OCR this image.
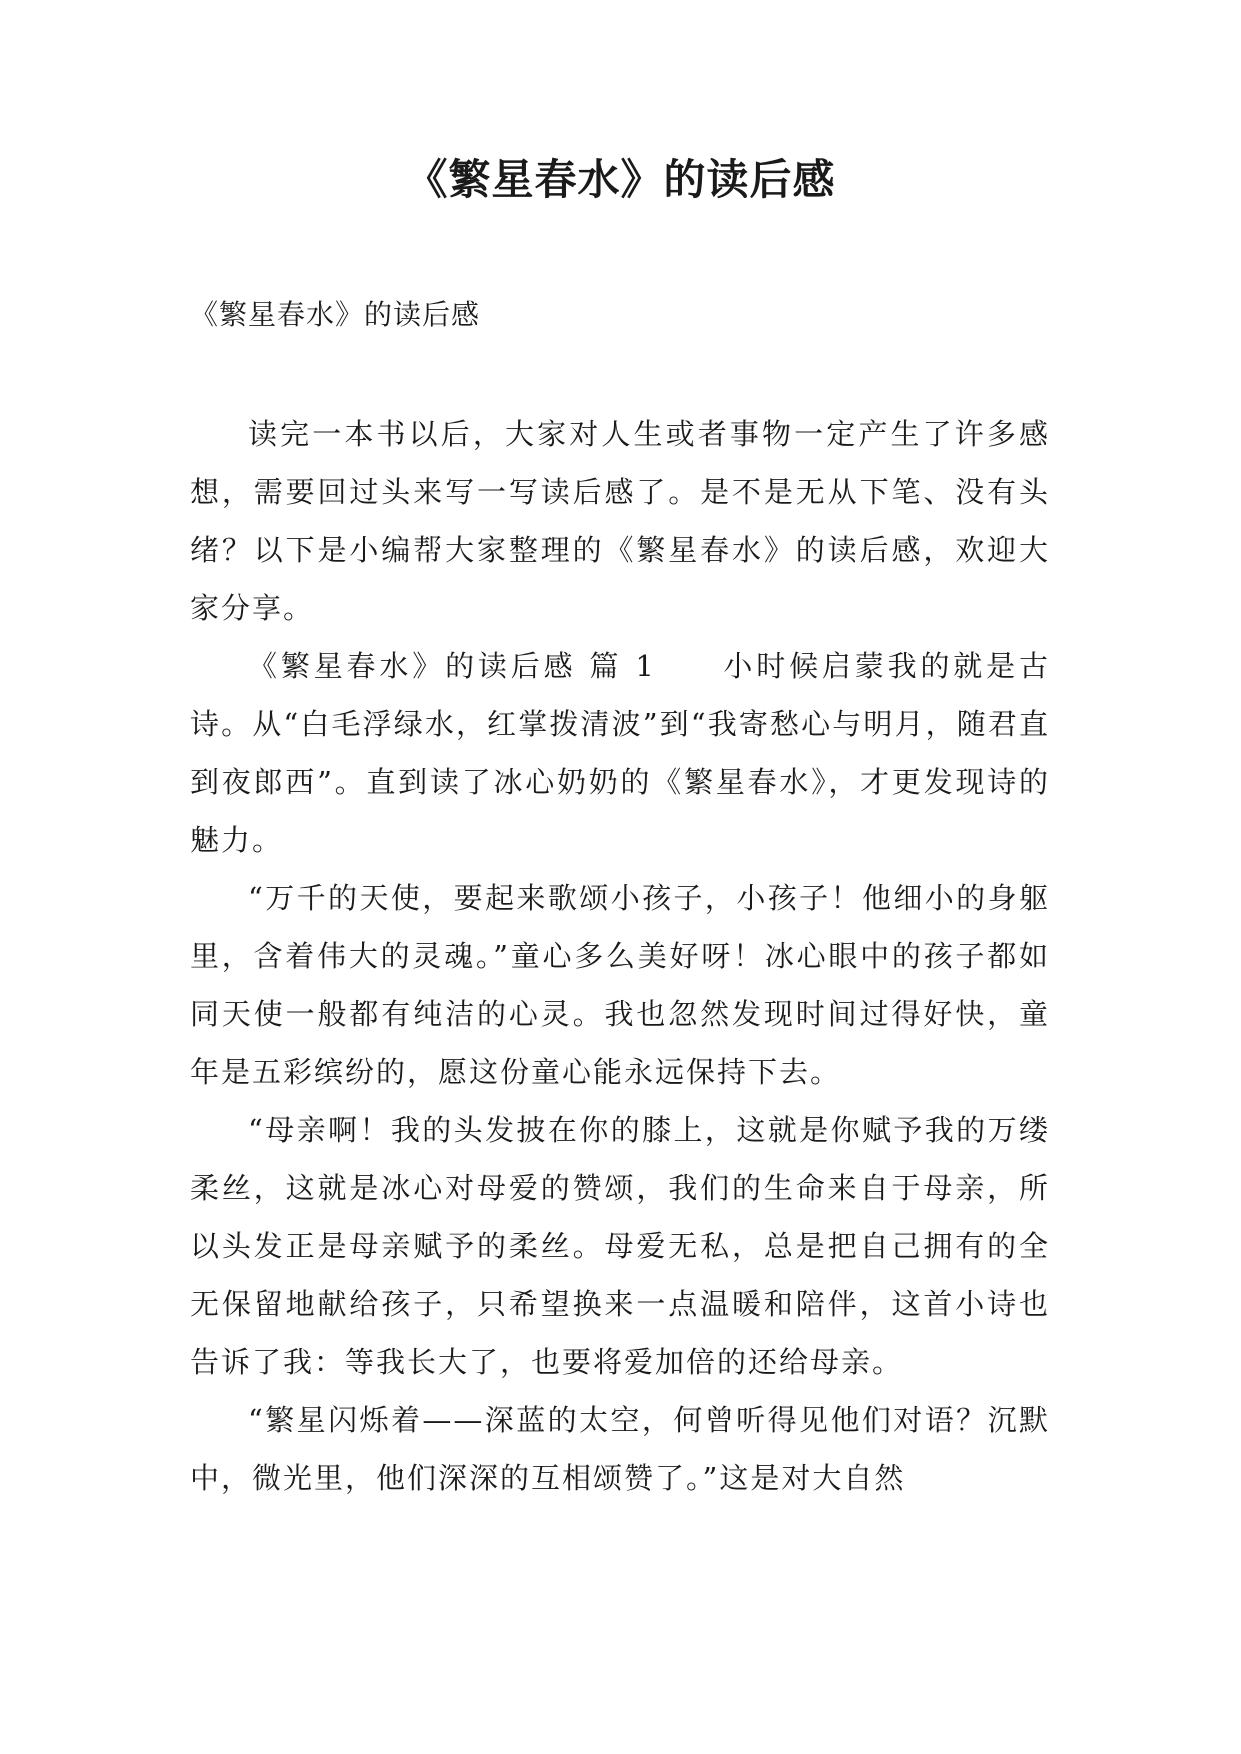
《繁星春水》的读后感

《繁星春水》的读后感

读完一本书以后，大家对人生或者事物一定产生了许多感想，需要回过头来写一写读后感了。是不是无从下笔、没有头绪？以下是小编帮大家整理的《繁星春水》的读后感，欢迎大家分享。

《繁星春水》的读后感 篇 1　　小时候启蒙我的就是古诗。从“白毛浮绿水，红掌拨清波”到“我寄愁心与明月，随君直到夜郎西”。直到读了冰心奶奶的《繁星春水》，才更发现诗的魅力。

“万千的天使，要起来歌颂小孩子，小孩子！他细小的身躯里，含着伟大的灵魂。”童心多么美好呀！冰心眼中的孩子都如同天使一般都有纯洁的心灵。我也忽然发现时间过得好快，童年是五彩缤纷的，愿这份童心能永远保持下去。

“母亲啊！我的头发披在你的膝上，这就是你赋予我的万缕柔丝，这就是冰心对母爱的赞颂，我们的生命来自于母亲，所以头发正是母亲赋予的柔丝。母爱无私，总是把自己拥有的全无保留地献给孩子，只希望换来一点温暖和陪伴，这首小诗也告诉了我：等我长大了，也要将爱加倍的还给母亲。

“繁星闪烁着——深蓝的太空，何曾听得见他们对语？沉默中，微光里，他们深深的互相颂赞了。”这是对大自然
